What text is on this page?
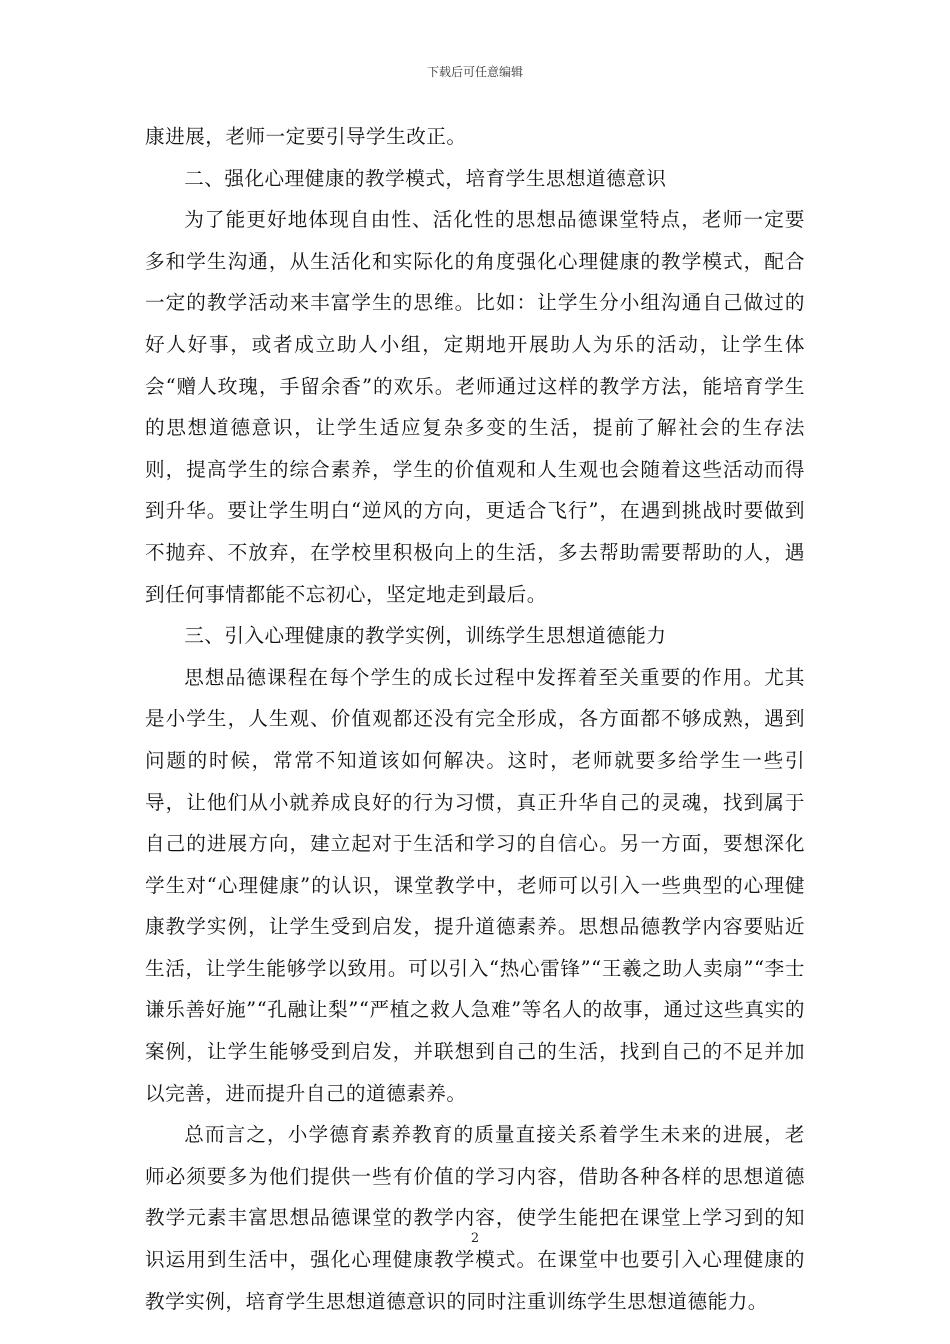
下载后可任意编辑

康进展，老师一定要引导学生改正。

二、强化心理健康的教学模式，培育学生思想道德意识

为了能更好地体现自由性、活化性的思想品德课堂特点，老师一定要多和学生沟通，从生活化和实际化的角度强化心理健康的教学模式，配合一定的教学活动来丰富学生的思维。比如：让学生分小组沟通自己做过的好人好事，或者成立助人小组，定期地开展助人为乐的活动，让学生体会“赠人玫瑰，手留余香”的欢乐。老师通过这样的教学方法，能培育学生的思想道德意识，让学生适应复杂多变的生活，提前了解社会的生存法则，提高学生的综合素养，学生的价值观和人生观也会随着这些活动而得到升华。要让学生明白“逆风的方向，更适合飞行”，在遇到挑战时要做到不抛弃、不放弃，在学校里积极向上的生活，多去帮助需要帮助的人，遇到任何事情都能不忘初心，坚定地走到最后。

三、引入心理健康的教学实例，训练学生思想道德能力

思想品德课程在每个学生的成长过程中发挥着至关重要的作用。尤其是小学生，人生观、价值观都还没有完全形成，各方面都不够成熟，遇到问题的时候，常常不知道该如何解决。这时，老师就要多给学生一些引导，让他们从小就养成良好的行为习惯，真正升华自己的灵魂，找到属于自己的进展方向，建立起对于生活和学习的自信心。另一方面，要想深化学生对“心理健康”的认识，课堂教学中，老师可以引入一些典型的心理健康教学实例，让学生受到启发，提升道德素养。思想品德教学内容要贴近生活，让学生能够学以致用。可以引入“热心雷锋”“王羲之助人卖扇”“李士谦乐善好施”“孔融让梨”“严植之救人急难”等名人的故事，通过这些真实的案例，让学生能够受到启发，并联想到自己的生活，找到自己的不足并加以完善，进而提升自己的道德素养。

总而言之，小学德育素养教育的质量直接关系着学生未来的进展，老师必须要多为他们提供一些有价值的学习内容，借助各种各样的思想道德教学元素丰富思想品德课堂的教学内容，使学生能把在课堂上学习到的知识运用到生活中，强化心理健康教学模式。在课堂中也要引入心理健康的教学实例，培育学生思想道德意识的同时注重训练学生思想道德能力。

2
